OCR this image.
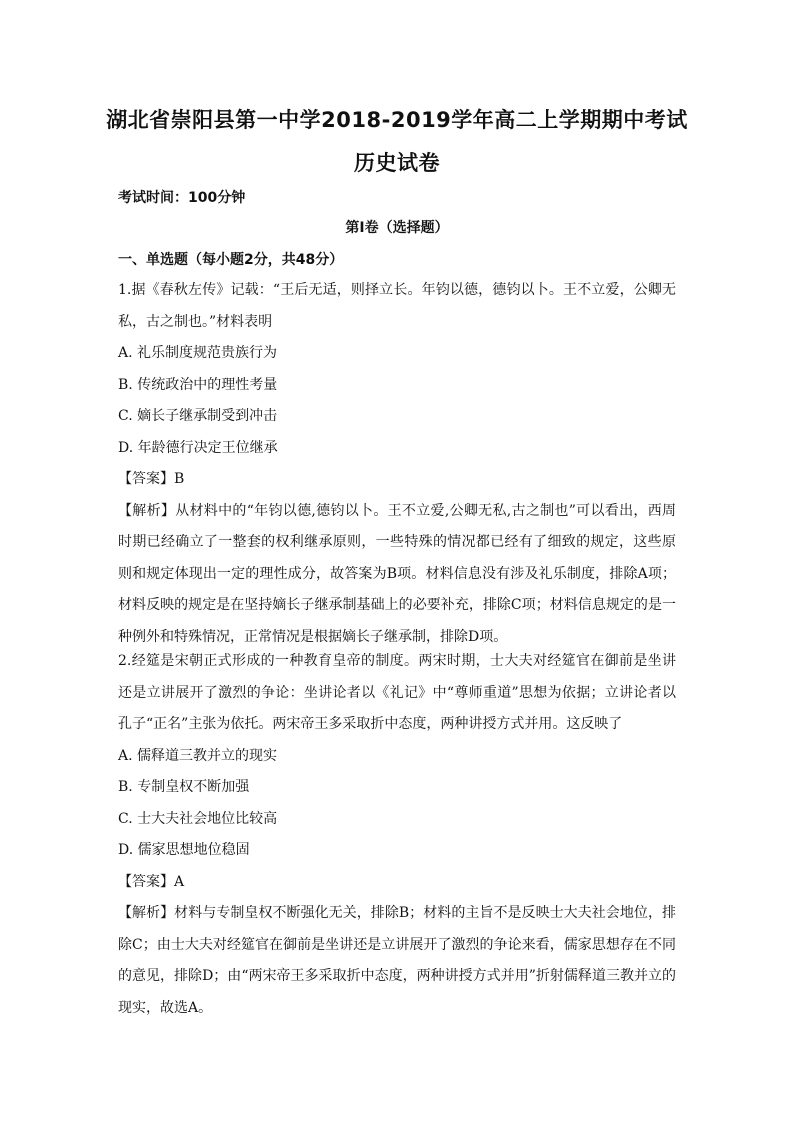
湖北省崇阳县第一中学2018-2019学年高二上学期期中考试
历史试卷
考试时间：100分钟
第Ⅰ卷（选择题）
一、单选题（每小题2分，共48分）

1.据《春秋左传》记载：“王后无适，则择立长。年钧以德，德钧以卜。王不立爱，公卿无私，古之制也。”材料表明

A. 礼乐制度规范贵族行为

B. 传统政治中的理性考量

C. 嫡长子继承制受到冲击

D. 年龄德行决定王位继承

【答案】B

【解析】从材料中的“年钧以德,德钧以卜。王不立爱,公卿无私,古之制也”可以看出，西周时期已经确立了一整套的权利继承原则，一些特殊的情况都已经有了细致的规定，这些原则和规定体现出一定的理性成分，故答案为B项。材料信息没有涉及礼乐制度，排除A项；材料反映的规定是在坚持嫡长子继承制基础上的必要补充，排除C项；材料信息规定的是一种例外和特殊情况，正常情况是根据嫡长子继承制，排除D项。

2.经筵是宋朝正式形成的一种教育皇帝的制度。两宋时期，士大夫对经筵官在御前是坐讲还是立讲展开了激烈的争论：坐讲论者以《礼记》中“尊师重道”思想为依据；立讲论者以孔子“正名”主张为依托。两宋帝王多采取折中态度，两种讲授方式并用。这反映了

A. 儒释道三教并立的现实

B. 专制皇权不断加强

C. 士大夫社会地位比较高

D. 儒家思想地位稳固

【答案】A

【解析】材料与专制皇权不断强化无关，排除B；材料的主旨不是反映士大夫社会地位，排除C；由士大夫对经筵官在御前是坐讲还是立讲展开了激烈的争论来看，儒家思想存在不同的意见，排除D；由“两宋帝王多采取折中态度，两种讲授方式并用”折射儒释道三教并立的现实，故选A。
